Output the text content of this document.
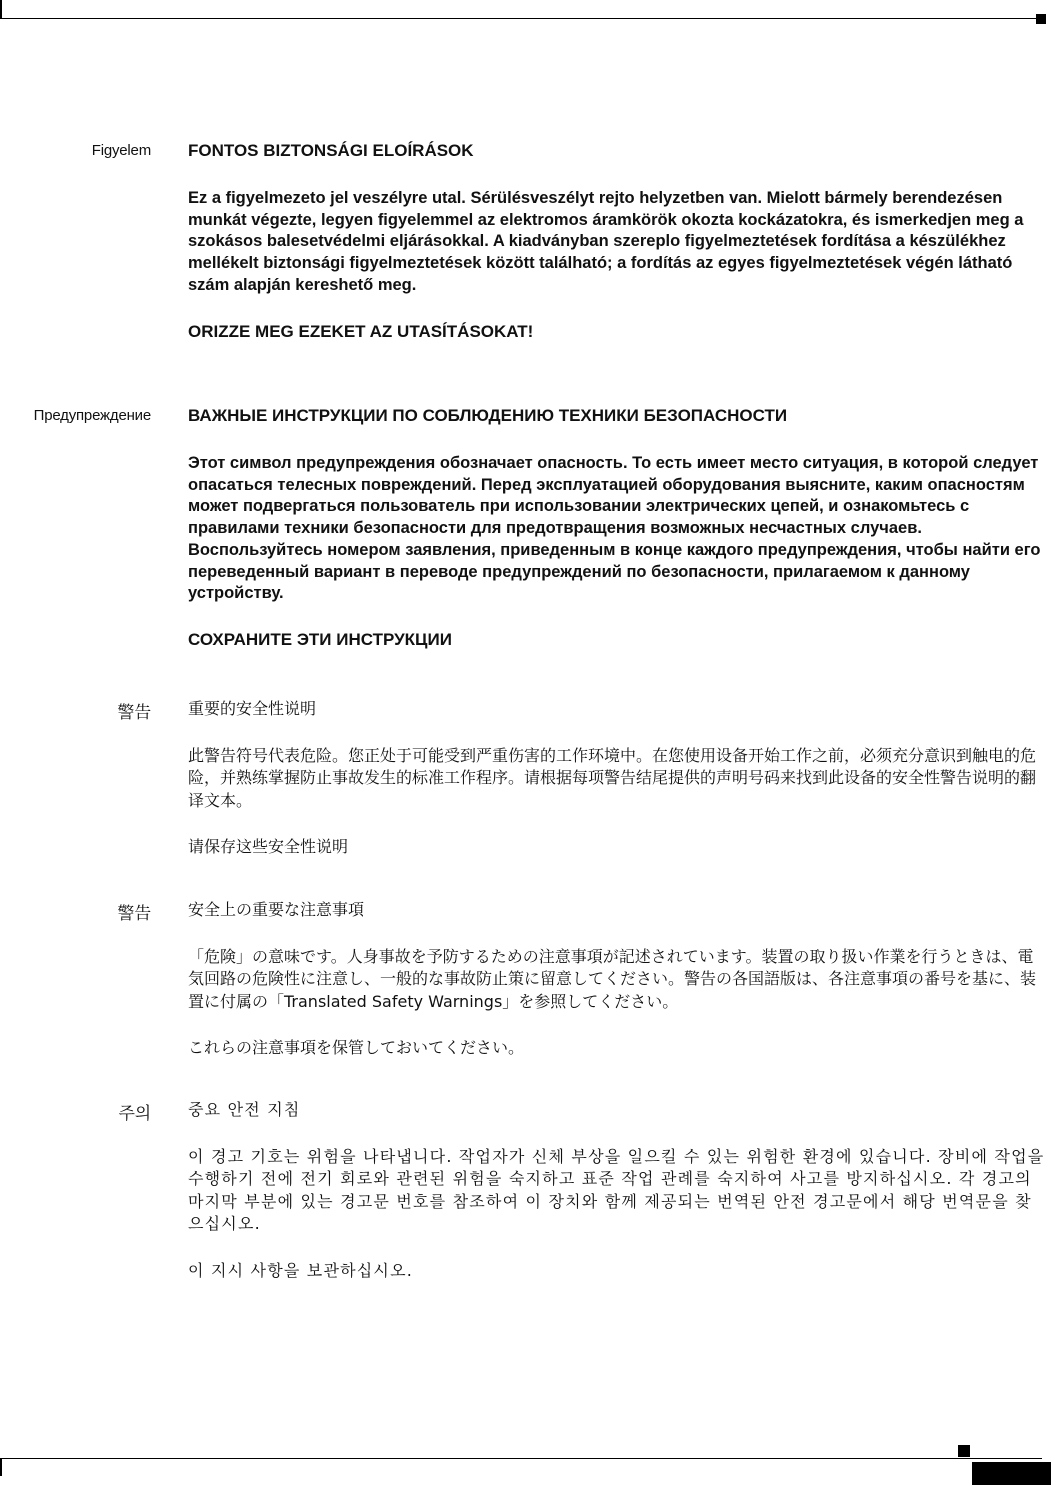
Figyelem FONTOS BIZTONSÁGI ELOÍRÁSOK

Ez a figyelmezeto jel veszélyre utal. Sérülésveszélyt rejto helyzetben van. Mielott bármely berendezésen munkát végezte, legyen figyelemmel az elektromos áramkörök okozta kockázatokra, és ismerkedjen meg a szokásos balesetvédelmi eljárásokkal. A kiadványban szereplo figyelmeztetések fordítása a készülékhez mellékelt biztonsági figyelmeztetések között található; a fordítás az egyes figyelmeztetések végén látható szám alapján kereshető meg.

ORIZZE MEG EZEKET AZ UTASÍTÁSOKAT!

Предупреждение ВАЖНЫЕ ИНСТРУКЦИИ ПО СОБЛЮДЕНИЮ ТЕХНИКИ БЕЗОПАСНОСТИ

Этот символ предупреждения обозначает опасность. То есть имеет место ситуация, в которой следует опасаться телесных повреждений. Перед эксплуатацией оборудования выясните, каким опасностям может подвергаться пользователь при использовании электрических цепей, и ознакомьтесь с правилами техники безопасности для предотвращения возможных несчастных случаев. Воспользуйтесь номером заявления, приведенным в конце каждого предупреждения, чтобы найти его переведенный вариант в переводе предупреждений по безопасности, прилагаемом к данному устройству.

СОХРАНИТЕ ЭТИ ИНСТРУКЦИИ

警告 重要的安全性说明

此警告符号代表危险。您正处于可能受到严重伤害的工作环境中。在您使用设备开始工作之前，必须充分意识到触电的危险，并熟练掌握防止事故发生的标准工作程序。请根据每项警告结尾提供的声明号码来找到此设备的安全性警告说明的翻译文本。

请保存这些安全性说明

警告 安全上の重要な注意事項

「危険」の意味です。人身事故を予防するための注意事項が記述されています。装置の取り扱い作業を行うときは、電気回路の危険性に注意し、一般的な事故防止策に留意してください。警告の各国語版は、各注意事項の番号を基に、装置に付属の「Translated Safety Warnings」を参照してください。

これらの注意事項を保管しておいてください。

주의 중요 안전 지침

이 경고 기호는 위험을 나타냅니다. 작업자가 신체 부상을 일으킬 수 있는 위험한 환경에 있습니다. 장비에 작업을 수행하기 전에 전기 회로와 관련된 위험을 숙지하고 표준 작업 관례를 숙지하여 사고를 방지하십시오. 각 경고의 마지막 부분에 있는 경고문 번호를 참조하여 이 장치와 함께 제공되는 번역된 안전 경고문에서 해당 번역문을 찾으십시오.

이 지시 사항을 보관하십시오.
